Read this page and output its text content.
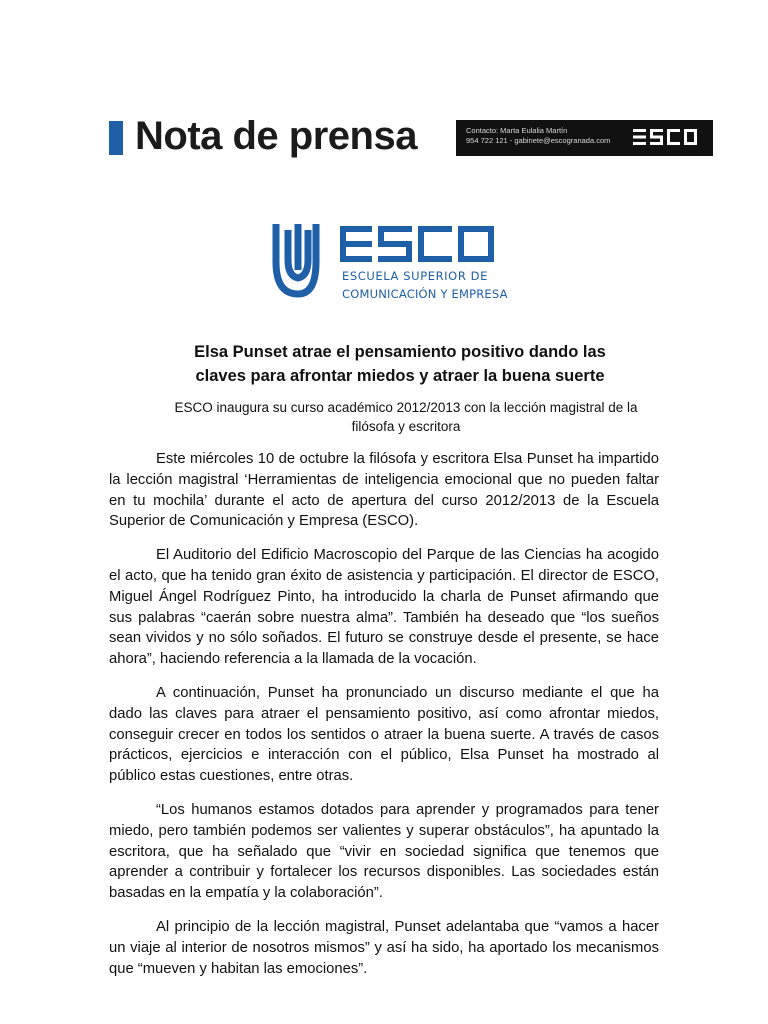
Nota de prensa	Contacto: Marta Eulalia Martín
954 722 121 - gabinete@escogranada.com
ESCUELA SUPERIOR DE
COMUNICACIÓN Y EMPRESA
Elsa Punset atrae el pensamiento positivo dando las
claves para afrontar miedos y atraer la buena suerte
ESCO inaugura su curso académico 2012/2013 con la lección magistral de la
filósofa y escritora

Este miércoles 10 de octubre la filósofa y escritora Elsa Punset ha impartido la lección magistral ‘Herramientas de inteligencia emocional que no pueden faltar en tu mochila’ durante el acto de apertura del curso 2012/2013 de la Escuela Superior de Comunicación y Empresa (ESCO).

El Auditorio del Edificio Macroscopio del Parque de las Ciencias ha acogido el acto, que ha tenido gran éxito de asistencia y participación. El director de ESCO, Miguel Ángel Rodríguez Pinto, ha introducido la charla de Punset afirmando que sus palabras “caerán sobre nuestra alma”. También ha deseado que “los sueños sean vividos y no sólo soñados. El futuro se construye desde el presente, se hace ahora”, haciendo referencia a la llamada de la vocación.

A continuación, Punset ha pronunciado un discurso mediante el que ha dado las claves para atraer el pensamiento positivo, así como afrontar miedos, conseguir crecer en todos los sentidos o atraer la buena suerte. A través de casos prácticos, ejercicios e interacción con el público, Elsa Punset ha mostrado al público estas cuestiones, entre otras.

“Los humanos estamos dotados para aprender y programados para tener miedo, pero también podemos ser valientes y superar obstáculos”, ha apuntado la escritora, que ha señalado que “vivir en sociedad significa que tenemos que aprender a contribuir y fortalecer los recursos disponibles. Las sociedades están basadas en la empatía y la colaboración”.

Al principio de la lección magistral, Punset adelantaba que “vamos a hacer un viaje al interior de nosotros mismos” y así ha sido, ha aportado los mecanismos que “mueven y habitan las emociones”.
